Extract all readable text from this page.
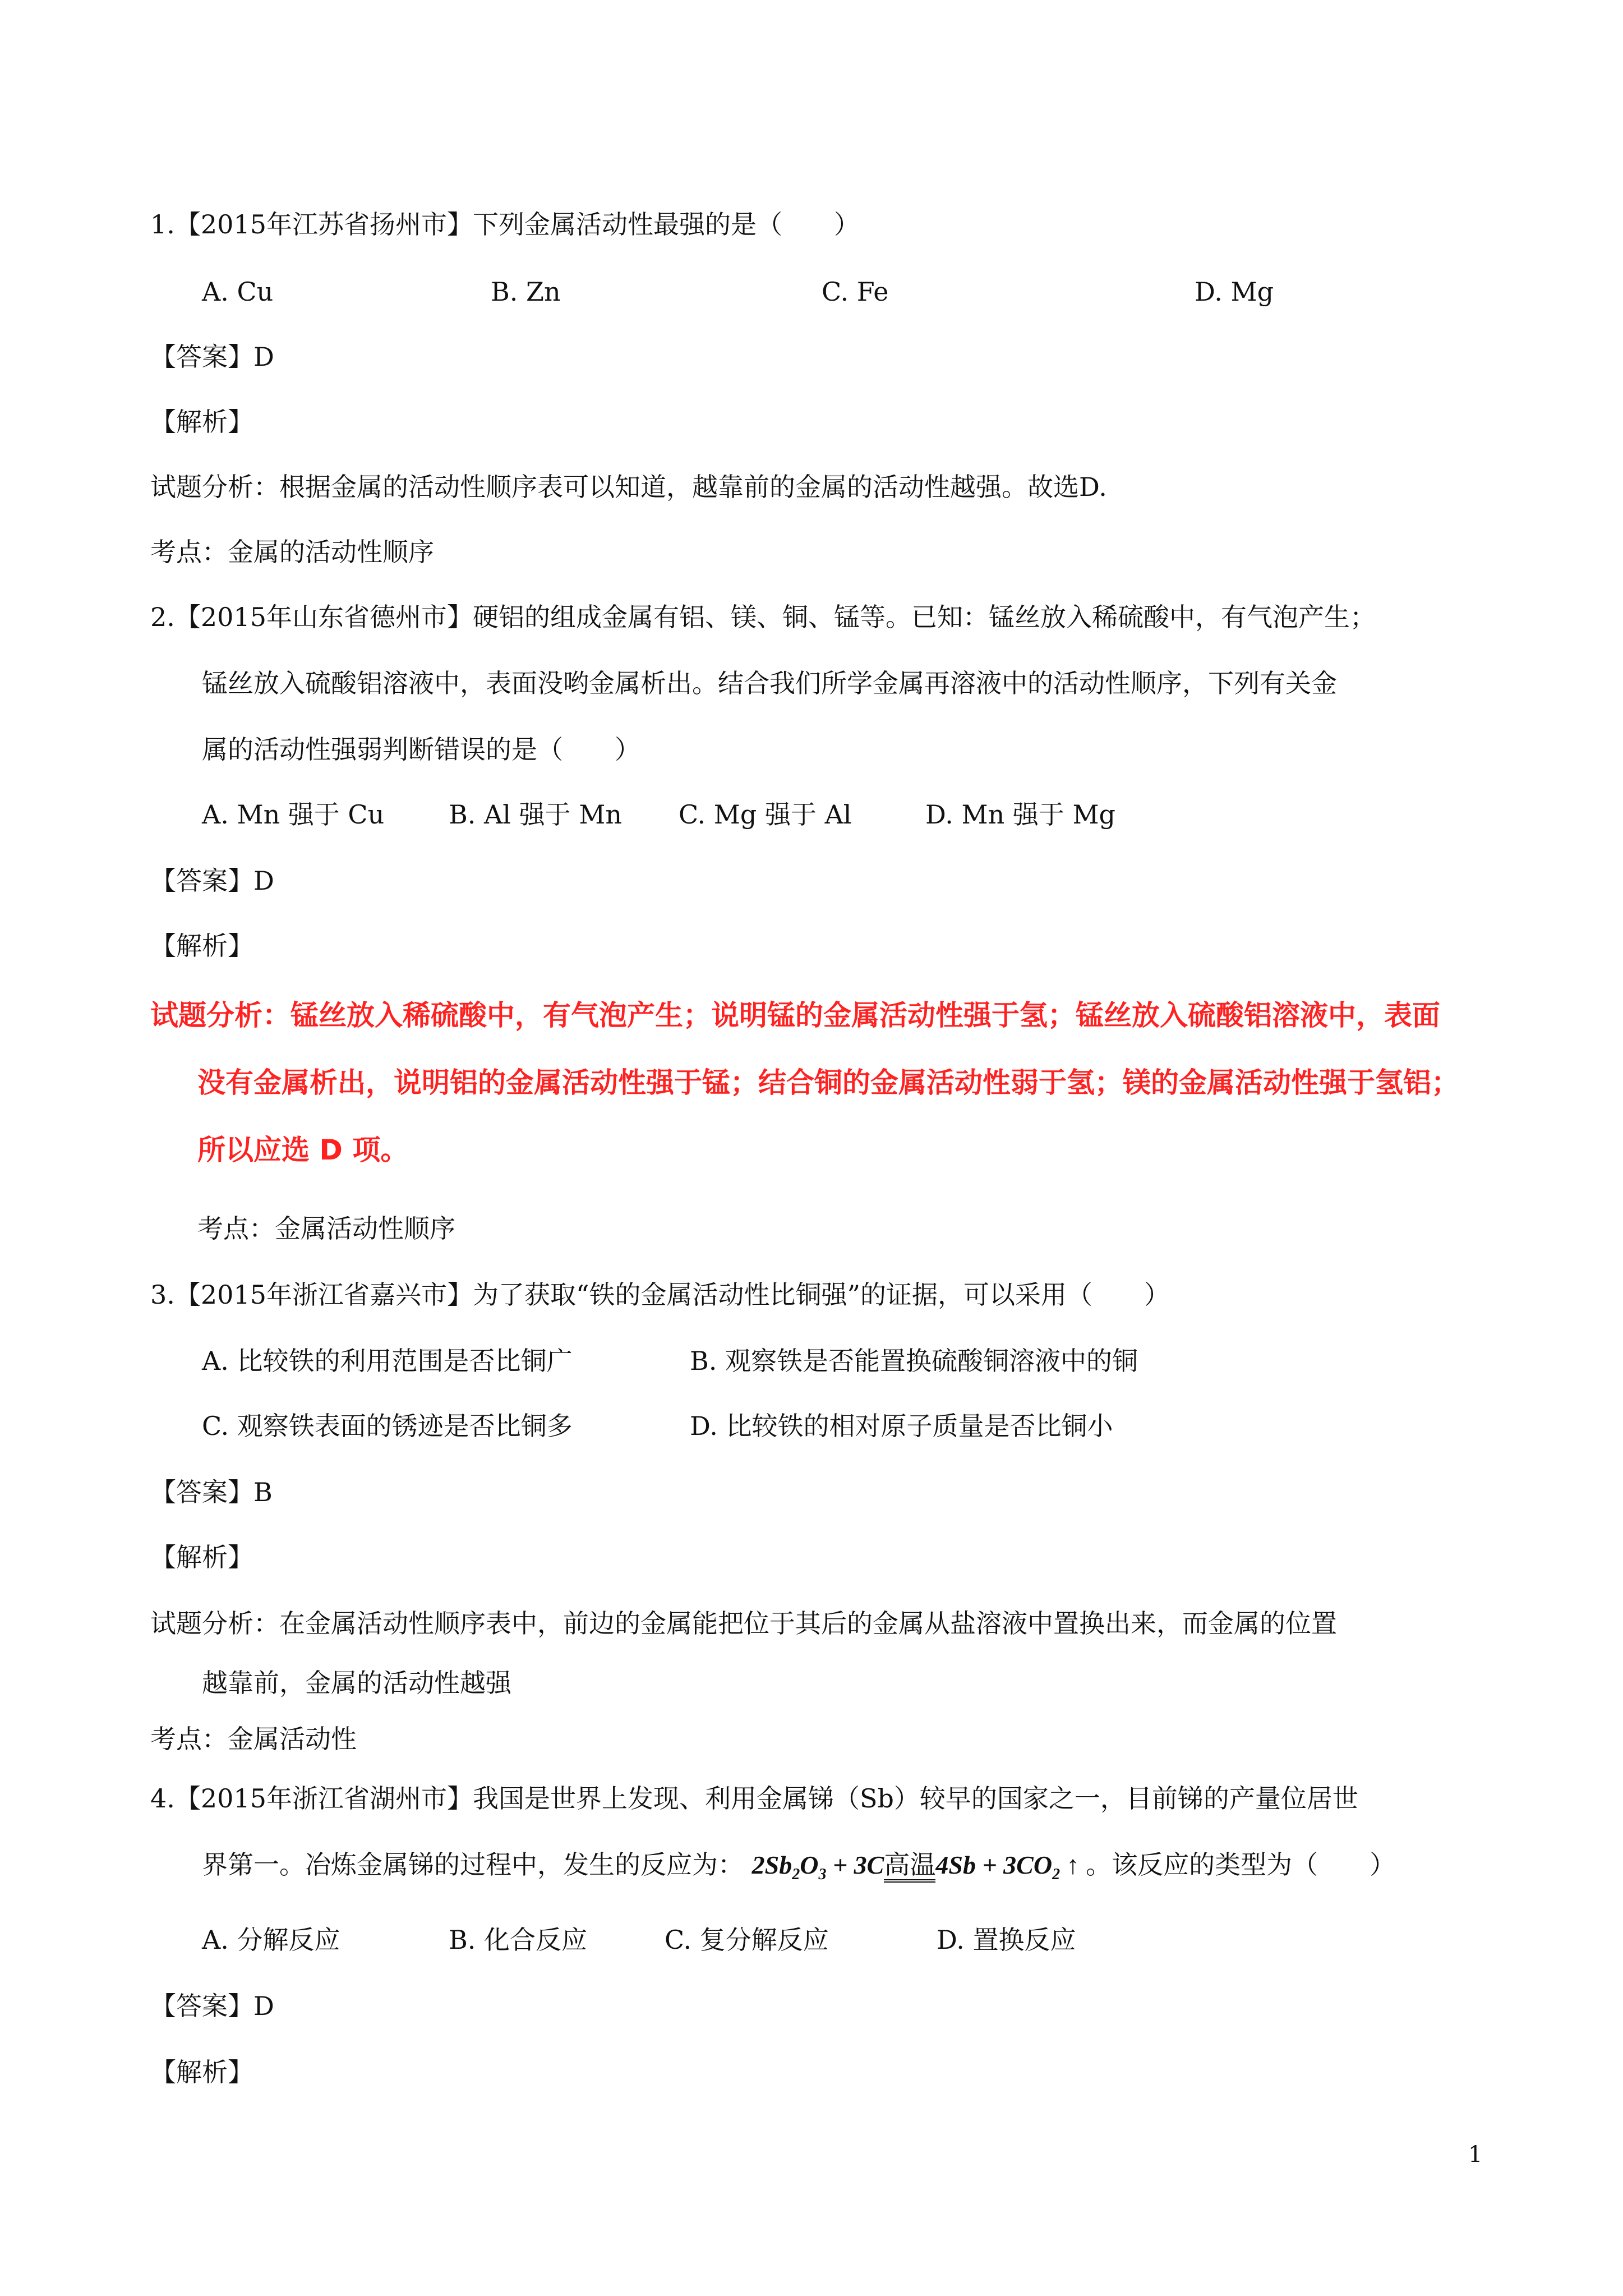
1.【2015年江苏省扬州市】下列金属活动性最强的是（　　）
A. Cu	B. Zn	C. Fe	D. Mg
【答案】D
【解析】
试题分析：根据金属的活动性顺序表可以知道，越靠前的金属的活动性越强。故选D.
考点：金属的活动性顺序
2.【2015年山东省德州市】硬铝的组成金属有铝、镁、铜、锰等。已知：锰丝放入稀硫酸中，有气泡产生；
锰丝放入硫酸铝溶液中，表面没哟金属析出。结合我们所学金属再溶液中的活动性顺序，下列有关金
属的活动性强弱判断错误的是（　　）
A. Mn 强于 Cu B. Al 强于 Mn C. Mg 强于 Al	D. Mn 强于 Mg
【答案】D
【解析】
试题分析：锰丝放入稀硫酸中，有气泡产生；说明锰的金属活动性强于氢；锰丝放入硫酸铝溶液中，表面
没有金属析出，说明铝的金属活动性强于锰；结合铜的金属活动性弱于氢；镁的金属活动性强于氢铝；
所以应选 D 项。
考点：金属活动性顺序
3.【2015年浙江省嘉兴市】为了获取“铁的金属活动性比铜强”的证据，可以采用（　　）
A. 比较铁的利用范围是否比铜广	B. 观察铁是否能置换硫酸铜溶液中的铜
C. 观察铁表面的锈迹是否比铜多	D. 比较铁的相对原子质量是否比铜小
【答案】B
【解析】
试题分析：在金属活动性顺序表中，前边的金属能把位于其后的金属从盐溶液中置换出来，而金属的位置
越靠前，金属的活动性越强
考点：金属活动性
4.【2015年浙江省湖州市】我国是世界上发现、利用金属锑（Sb）较早的国家之一，目前锑的产量位居世
界第一。冶炼金属锑的过程中，发生的反应为： $2Sb_2O_3 + 3C$高温$4Sb + 3CO_2$ ↑ 。该反应的类型为（　　）
A. 分解反应	B. 化合反应	C. 复分解反应	D. 置换反应
【答案】D
【解析】
1
